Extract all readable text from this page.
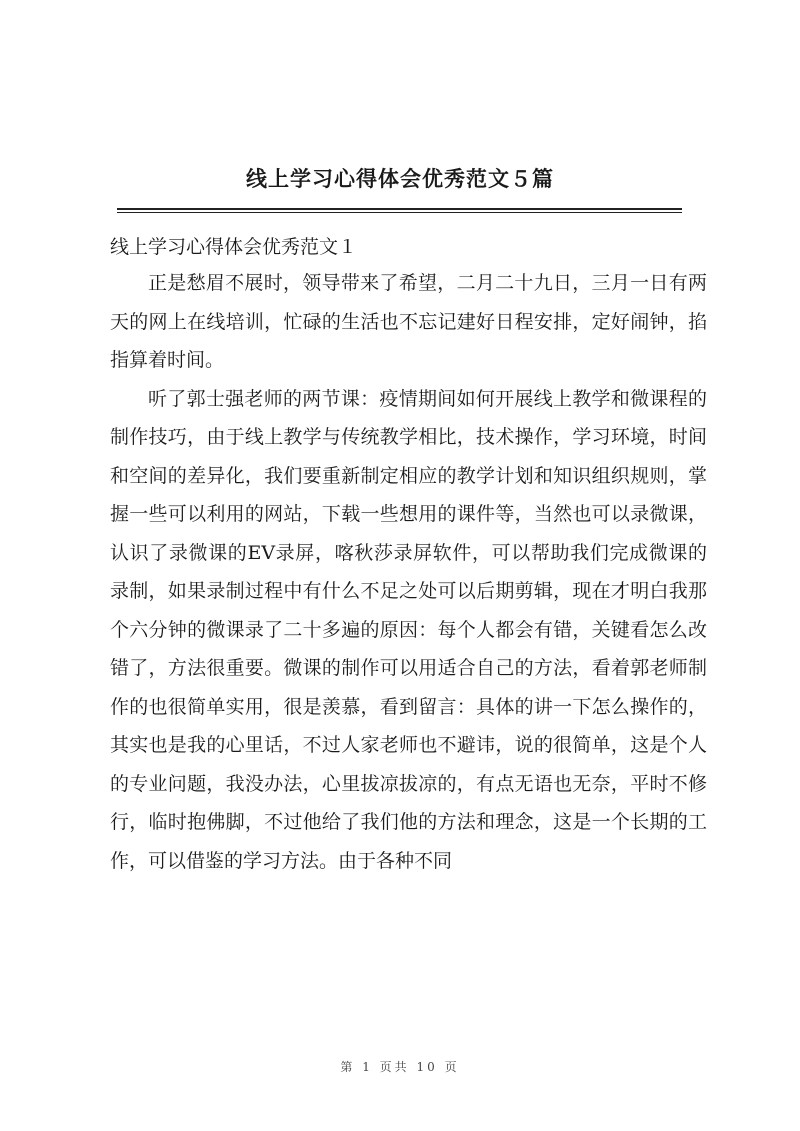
线上学习心得体会优秀范文５篇
线上学习心得体会优秀范文１

正是愁眉不展时，领导带来了希望，二月二十九日，三月一日有两天的网上在线培训，忙碌的生活也不忘记建好日程安排，定好闹钟，掐指算着时间。

听了郭士强老师的两节课：疫情期间如何开展线上教学和微课程的制作技巧，由于线上教学与传统教学相比，技术操作，学习环境，时间和空间的差异化，我们要重新制定相应的教学计划和知识组织规则，掌握一些可以利用的网站，下载一些想用的课件等，当然也可以录微课，认识了录微课的EV录屏，喀秋莎录屏软件，可以帮助我们完成微课的录制，如果录制过程中有什么不足之处可以后期剪辑，现在才明白我那个六分钟的微课录了二十多遍的原因：每个人都会有错，关键看怎么改错了，方法很重要。微课的制作可以用适合自己的方法，看着郭老师制作的也很简单实用，很是羡慕，看到留言：具体的讲一下怎么操作的，其实也是我的心里话，不过人家老师也不避讳，说的很简单，这是个人的专业问题，我没办法，心里拔凉拔凉的，有点无语也无奈，平时不修行，临时抱佛脚，不过他给了我们他的方法和理念，这是一个长期的工作，可以借鉴的学习方法。由于各种不同

第 1 页共 10 页
